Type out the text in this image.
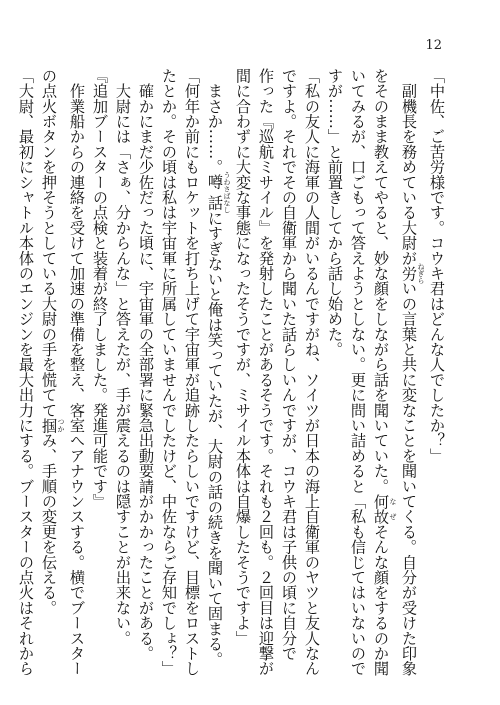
12
「中佐、ご苦労様です。コウキ君はどんな人でしたか？」
　副機長を務めている大尉が労 ねぎらいの言葉と共に変なことを聞いてくる。自分が受けた印象
をそのまま教えてやると、妙な顔をしながら話を聞いていた。何故 なぜそんな顔をするのか聞
いてみるが、口ごもって答えようとしない。更に問い詰めると「私も信じてはいないので
すが……」と前置きしてから話し始めた。
「私の友人に海軍の人間がいるんですがね、ソイツが日本の海上自衛軍のヤツと友人なん
ですよ。それでその自衛軍から聞いた話らしいんですが、コウキ君は子供の頃に自分で
作った『巡航ミサイル』を発射したことがあるそうです。それも２回も。２回目は迎撃が
間に合わずに大変な事態になったそうですが、ミサイル本体は自爆したそうですよ」
　まさか……。噂話 うわさばなしにすぎないと俺は笑っていたが、大尉の話の続きを聞いて固まる。
「何年か前にもロケットを打ち上げて宇宙軍が追跡したらしいですけど、目標をロストし
たとか。その頃は私は宇宙軍に所属していませんでしたけど、中佐ならご存知でしょ？」
　確かにまだ少佐だった頃に、宇宙軍の全部署に緊急出動要請がかかったことがある。
　大尉には「さぁ、分からんな」と答えたが、手が震えるのは隠すことが出来ない。
『追加ブースターの点検と装着が終了しました。発進可能です』
　作業船からの連絡を受けて加速の準備を整え、客室へアナウンスする。横でブースター
の点火ボタンを押そうとしている大尉の手を慌てて掴 つかみ、手順の変更を伝える。
「大尉、最初にシャトル本体のエンジンを最大出力にする。ブースターの点火はそれから
